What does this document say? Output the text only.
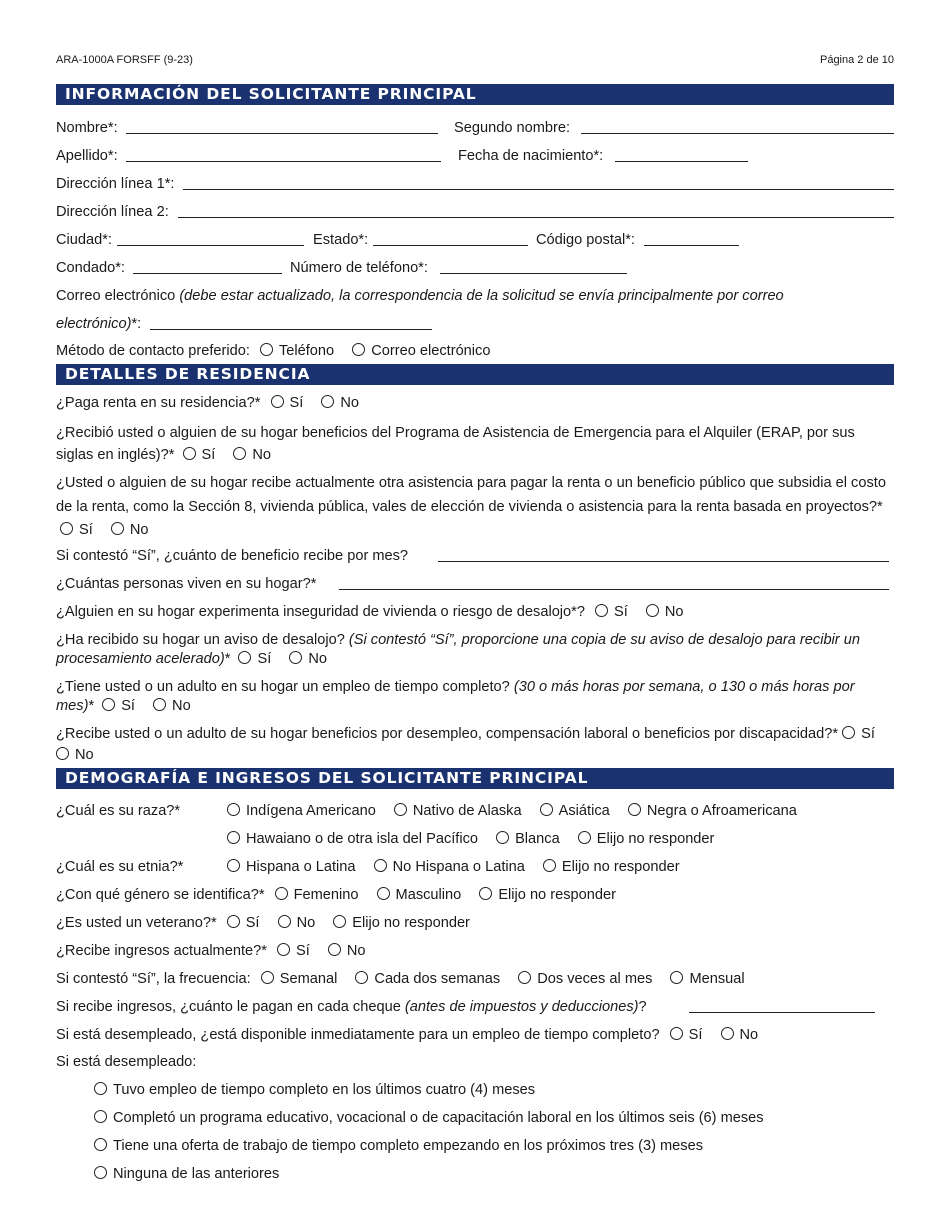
ARA-1000A FORSFF (9-23)	Página 2 de 10
INFORMACIÓN DEL SOLICITANTE PRINCIPAL
Nombre*:	Segundo nombre:
Apellido*:	Fecha de nacimiento*:
Dirección línea 1*:
Dirección línea 2:
Ciudad*:	Estado*:	Código postal*:
Condado*:	Número de teléfono*:
Correo electrónico (debe estar actualizado, la correspondencia de la solicitud se envía principalmente por correo
electrónico)*:
Método de contacto preferido: Teléfono	Correo electrónico
DETALLES DE RESIDENCIA
¿Paga renta en su residencia?* Sí	No
¿Recibió usted o alguien de su hogar beneficios del Programa de Asistencia de Emergencia para el Alquiler (ERAP, por sus siglas en inglés)?* Sí	No
¿Usted o alguien de su hogar recibe actualmente otra asistencia para pagar la renta o un beneficio público que subsidia el costo de la renta, como la Sección 8, vivienda pública, vales de elección de vivienda o asistencia para la renta basada en proyectos?* Sí	No
Si contestó “Sí”, ¿cuánto de beneficio recibe por mes?
¿Cuántas personas viven en su hogar?*
¿Alguien en su hogar experimenta inseguridad de vivienda o riesgo de desalojo*? Sí	No
¿Ha recibido su hogar un aviso de desalojo? (Si contestó “Sí”, proporcione una copia de su aviso de desalojo para recibir un procesamiento acelerado)* Sí	No
¿Tiene usted o un adulto en su hogar un empleo de tiempo completo? (30 o más horas por semana, o 130 o más horas por mes)* Sí	No
¿Recibe usted o un adulto de su hogar beneficios por desempleo, compensación laboral o beneficios por discapacidad?* Sí No
DEMOGRAFÍA E INGRESOS DEL SOLICITANTE PRINCIPAL
¿Cuál es su raza?*	Indígena Americano	Nativo de Alaska	Asiática	Negra o Afroamericana
Hawaiano o de otra isla del Pacífico	Blanca	Elijo no responder
¿Cuál es su etnia?*	Hispana o Latina	No Hispana o Latina	Elijo no responder
¿Con qué género se identifica?* Femenino	Masculino	Elijo no responder
¿Es usted un veterano?* Sí	No	Elijo no responder
¿Recibe ingresos actualmente?* Sí	No
Si contestó “Sí”, la frecuencia: Semanal	Cada dos semanas	Dos veces al mes	Mensual
Si recibe ingresos, ¿cuánto le pagan en cada cheque (antes de impuestos y deducciones)?
Si está desempleado, ¿está disponible inmediatamente para un empleo de tiempo completo? Sí	No
Si está desempleado:
Tuvo empleo de tiempo completo en los últimos cuatro (4) meses
Completó un programa educativo, vocacional o de capacitación laboral en los últimos seis (6) meses
Tiene una oferta de trabajo de tiempo completo empezando en los próximos tres (3) meses
Ninguna de las anteriores
